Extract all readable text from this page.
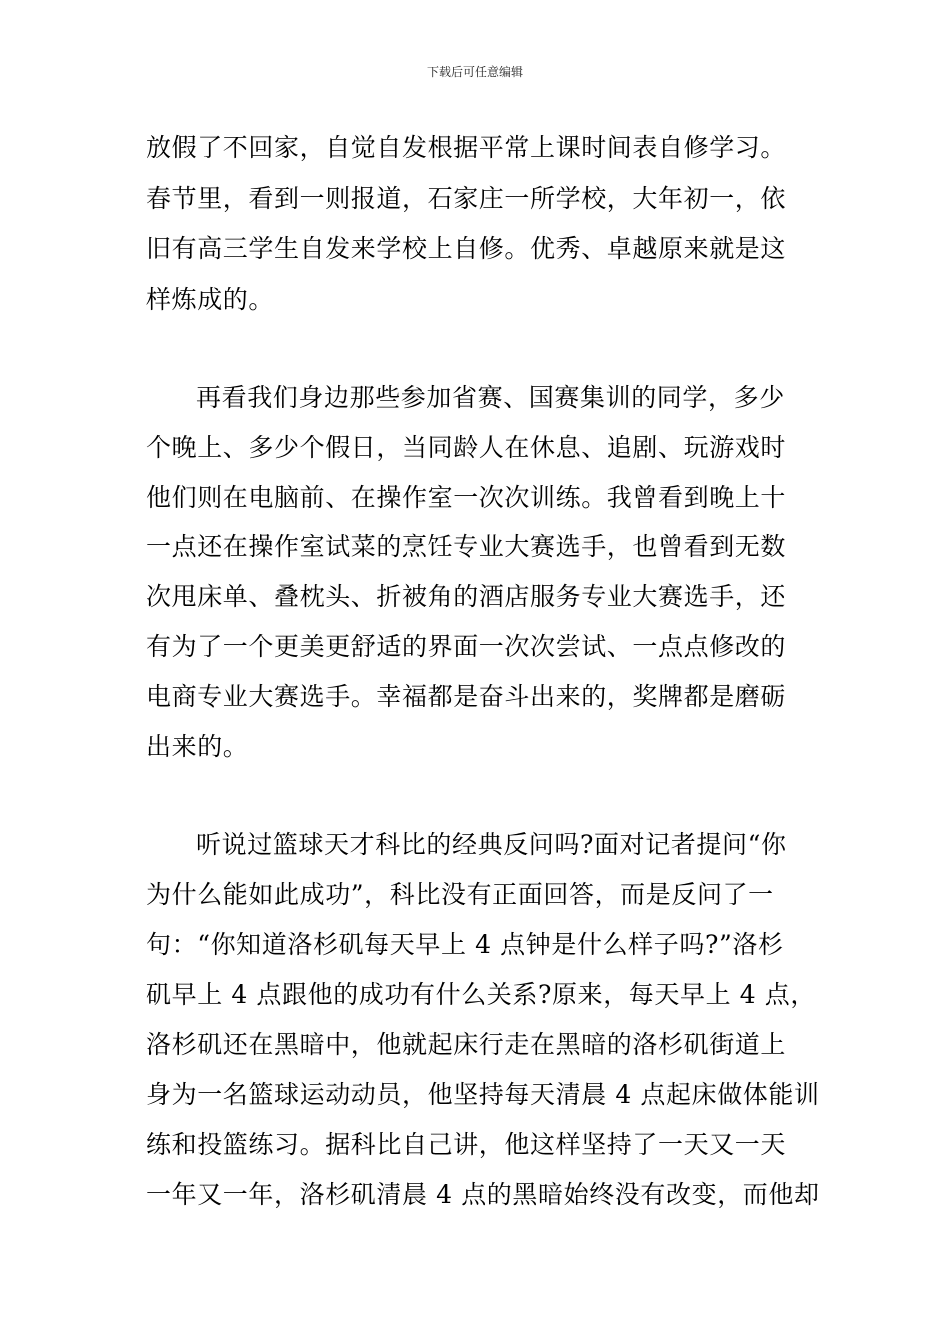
下载后可任意编辑
放假了不回家，自觉自发根据平常上课时间表自修学习。
春节里，看到一则报道，石家庄一所学校，大年初一，依
旧有高三学生自发来学校上自修。优秀、卓越原来就是这
样炼成的。
再看我们身边那些参加省赛、国赛集训的同学，多少
个晚上、多少个假日，当同龄人在休息、追剧、玩游戏时
他们则在电脑前、在操作室一次次训练。我曾看到晚上十
一点还在操作室试菜的烹饪专业大赛选手，也曾看到无数
次甩床单、叠枕头、折被角的酒店服务专业大赛选手，还
有为了一个更美更舒适的界面一次次尝试、一点点修改的
电商专业大赛选手。幸福都是奋斗出来的，奖牌都是磨砺
出来的。
听说过篮球天才科比的经典反问吗?面对记者提问“你
为什么能如此成功”，科比没有正面回答，而是反问了一
句：“你知道洛杉矶每天早上 4 点钟是什么样子吗?”洛杉
矶早上 4 点跟他的成功有什么关系?原来，每天早上 4 点，
洛杉矶还在黑暗中，他就起床行走在黑暗的洛杉矶街道上
身为一名篮球运动动员，他坚持每天清晨 4 点起床做体能训
练和投篮练习。据科比自己讲，他这样坚持了一天又一天
一年又一年，洛杉矶清晨 4 点的黑暗始终没有改变，而他却
